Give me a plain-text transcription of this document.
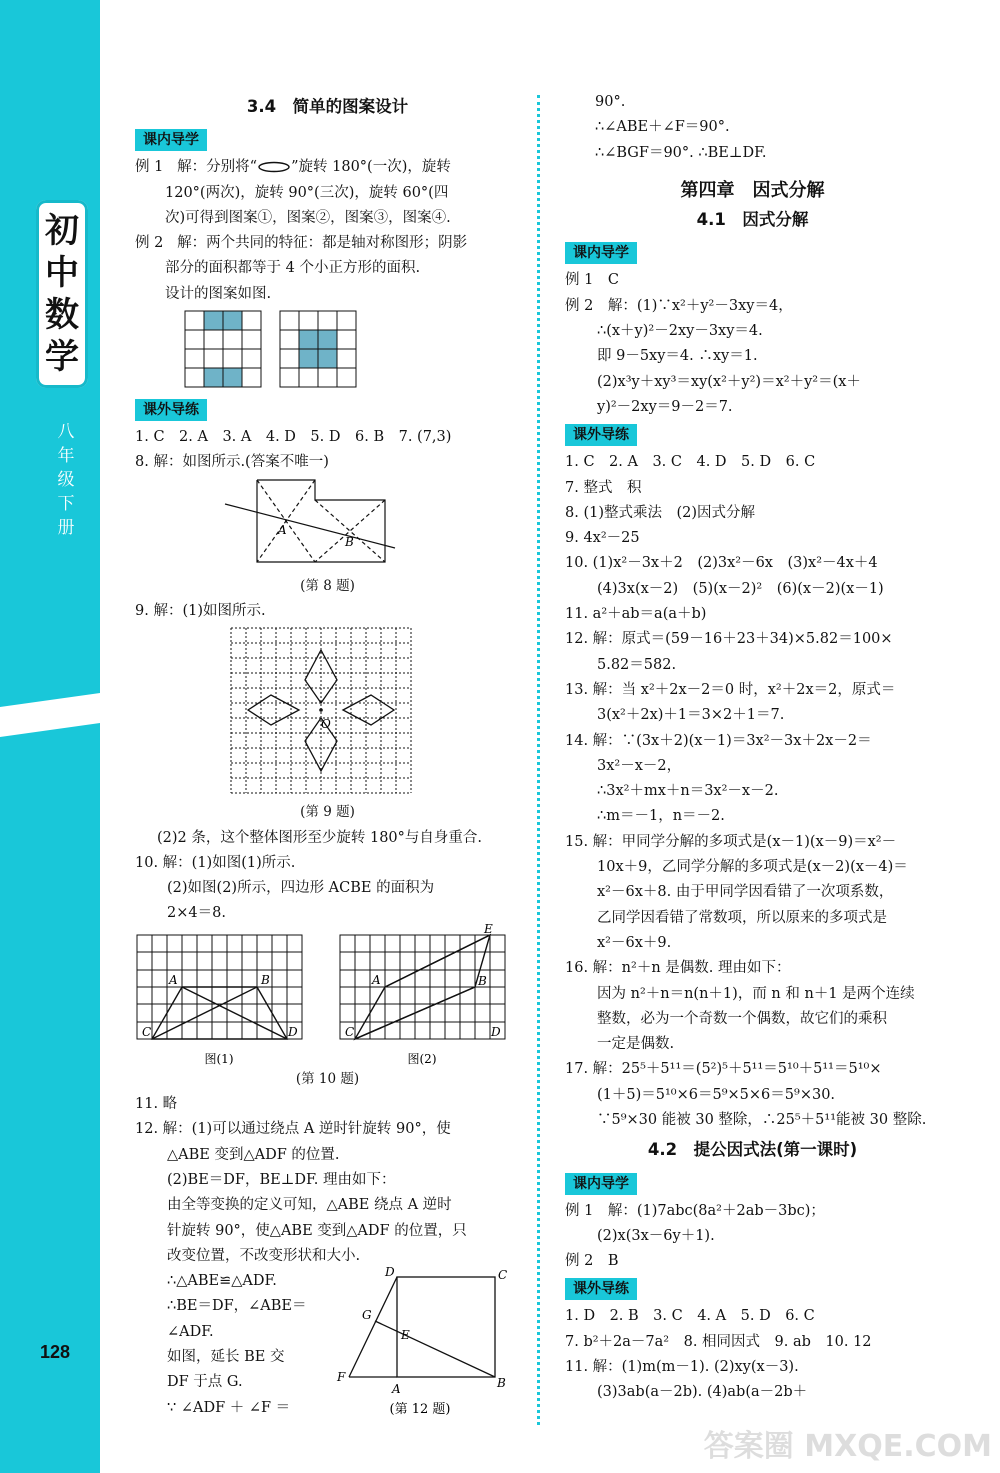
初
中
数
学
八
年
级
下
册
128
3.4　简单的图案设计
课内导学

例 1 解：分别将“ ”旋转 180°(一次)，旋转

120°(两次)，旋转 90°(三次)，旋转 60°(四

次)可得到图案①，图案②，图案③，图案④.

例 2 解：两个共同的特征：都是轴对称图形；阴影

部分的面积都等于 4 个小正方形的面积.

设计的图案如图.

课外导练

1. C　2. A　3. A　4. D　5. D　6. B　7. (7,3)

8. 解：如图所示.(答案不唯一)

A
B

(第 8 题)

9. 解：(1)如图所示.

O

(第 9 题)

(2)2 条，这个整体图形至少旋转 180°与自身重合.

10. 解：(1)如图(1)所示.

(2)如图(2)所示，四边形 ACBE 的面积为

2×4＝8.

A	B
C	D
图(1)
A	B
C	D
E
图(2)

(第 10 题)

11. 略

12. 解：(1)可以通过绕点 A 逆时针旋转 90°，使

△ABE 变到△ADF 的位置.

(2)BE＝DF，BE⊥DF. 理由如下：

由全等变换的定义可知，△ABE 绕点 A 逆时

针旋转 90°，使△ABE 变到△ADF 的位置，只

改变位置，不改变形状和大小.

∴△ABE≌△ADF.

∴BE＝DF，∠ABE＝

∠ADF.

如图，延长 BE 交

DF 于点 G.

∵ ∠ADF ＋ ∠F ＝

D	C
G
E
F
A	B
(第 12 题)

90°.

∴∠ABE＋∠F＝90°.

∴∠BGF＝90°. ∴BE⊥DF.

第四章　因式分解
4.1　因式分解
课内导学

例 1　C

例 2　解：(1)∵x²＋y²－3xy＝4，

∴(x＋y)²－2xy－3xy＝4.

即 9－5xy＝4. ∴xy＝1.

(2)x³y＋xy³＝xy(x²＋y²)＝x²＋y²＝(x＋

y)²－2xy＝9－2＝7.

课外导练

1. C　2. A　3. C　4. D　5. D　6. C

7. 整式　积

8. (1)整式乘法　(2)因式分解

9. 4x²－25

10. (1)x²－3x＋2　(2)3x²－6x　(3)x²－4x＋4

(4)3x(x－2)　(5)(x－2)²　(6)(x－2)(x－1)

11. a²＋ab＝a(a＋b)

12. 解：原式＝(59－16＋23＋34)×5.82＝100×

5.82＝582.

13. 解：当 x²＋2x－2＝0 时，x²＋2x＝2，原式＝

3(x²＋2x)＋1＝3×2＋1＝7.

14. 解：∵(3x＋2)(x－1)＝3x²－3x＋2x－2＝

3x²－x－2，

∴3x²＋mx＋n＝3x²－x－2.

∴m＝－1，n＝－2.

15. 解：甲同学分解的多项式是(x－1)(x－9)＝x²－

10x＋9，乙同学分解的多项式是(x－2)(x－4)＝

x²－6x＋8. 由于甲同学因看错了一次项系数，

乙同学因看错了常数项，所以原来的多项式是

x²－6x＋9.

16. 解：n²＋n 是偶数. 理由如下：

因为 n²＋n＝n(n＋1)，而 n 和 n＋1 是两个连续

整数，必为一个奇数一个偶数，故它们的乘积

一定是偶数.

17. 解：25⁵＋5¹¹＝(5²)⁵＋5¹¹＝5¹⁰＋5¹¹＝5¹⁰×

(1＋5)＝5¹⁰×6＝5⁹×5×6＝5⁹×30.

∵5⁹×30 能被 30 整除，∴25⁵＋5¹¹能被 30 整除.

4.2　提公因式法(第一课时)
课内导学

例 1　解：(1)7abc(8a²＋2ab－3bc)；

(2)x(3x－6y＋1).

例 2　B

课外导练

1. D　2. B　3. C　4. A　5. D　6. C

7. b²＋2a－7a²　8. 相同因式　9. ab　10. 12

11. 解：(1)m(m－1). (2)xy(x－3).

(3)3ab(a－2b). (4)ab(a－2b＋

答案圈 MXQE.COM
